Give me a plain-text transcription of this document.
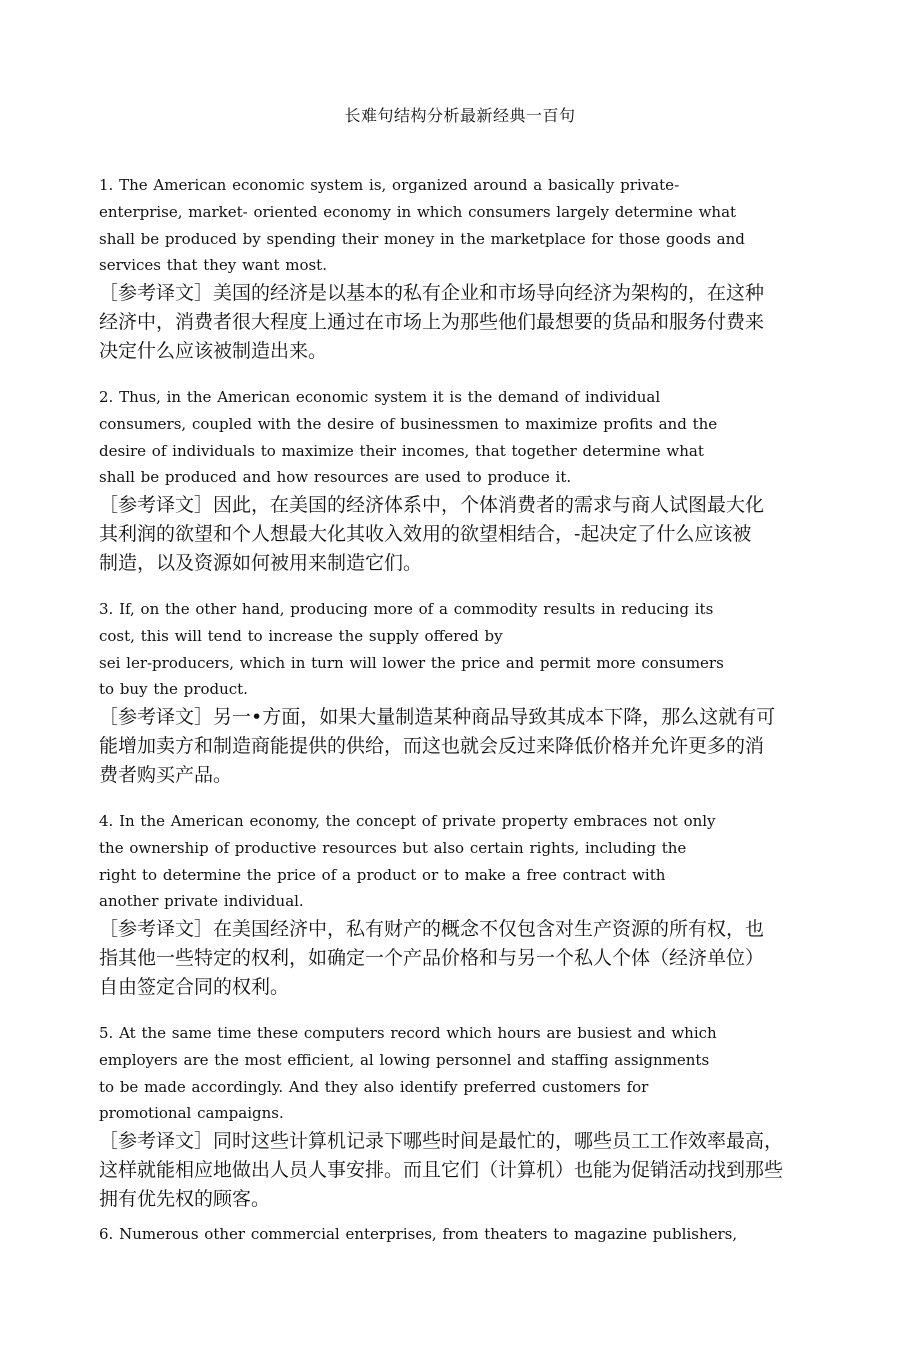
长难句结构分析最新经典一百句

1. The American economic system is, organized around a basically private-
enterprise, market- oriented economy in which consumers largely determine what
shall be produced by spending their money in the marketplace for those goods and
services that they want most.

［参考译文］美国的经济是以基本的私有企业和市场导向经济为架构的，在这种
经济中，消费者很大程度上通过在市场上为那些他们最想要的货品和服务付费来
决定什么应该被制造出来。

2. Thus, in the American economic system it is the demand of individual
consumers, coupled with the desire of businessmen to maximize profits and the
desire of individuals to maximize their incomes, that together determine what
shall be produced and how resources are used to produce it.

［参考译文］因此，在美国的经济体系中，个体消费者的需求与商人试图最大化
其利润的欲望和个人想最大化其收入效用的欲望相结合，-起决定了什么应该被
制造，以及资源如何被用来制造它们。

3. If, on the other hand, producing more of a commodity results in reducing its
cost, this will tend to increase the supply offered by
sei ler-producers, which in turn will lower the price and permit more consumers
to buy the product.

［参考译文］另一•方面，如果大量制造某种商品导致其成本下降，那么这就有可
能增加卖方和制造商能提供的供给，而这也就会反过来降低价格并允许更多的消
费者购买产品。

4. In the American economy, the concept of private property embraces not only
the ownership of productive resources but also certain rights, including the
right to determine the price of a product or to make a free contract with
another private individual.

［参考译文］在美国经济中，私有财产的概念不仅包含对生产资源的所有权，也
指其他一些特定的权利，如确定一个产品价格和与另一个私人个体（经济单位）
自由签定合同的权利。

5. At the same time these computers record which hours are busiest and which
employers are the most efficient, al lowing personnel and staffing assignments
to be made accordingly. And they also identify preferred customers for
promotional campaigns.

［参考译文］同时这些计算机记录下哪些时间是最忙的，哪些员工工作效率最高，
这样就能相应地做出人员人事安排。而且它们（计算机）也能为促销活动找到那些
拥有优先权的顾客。

6. Numerous other commercial enterprises, from theaters to magazine publishers,
